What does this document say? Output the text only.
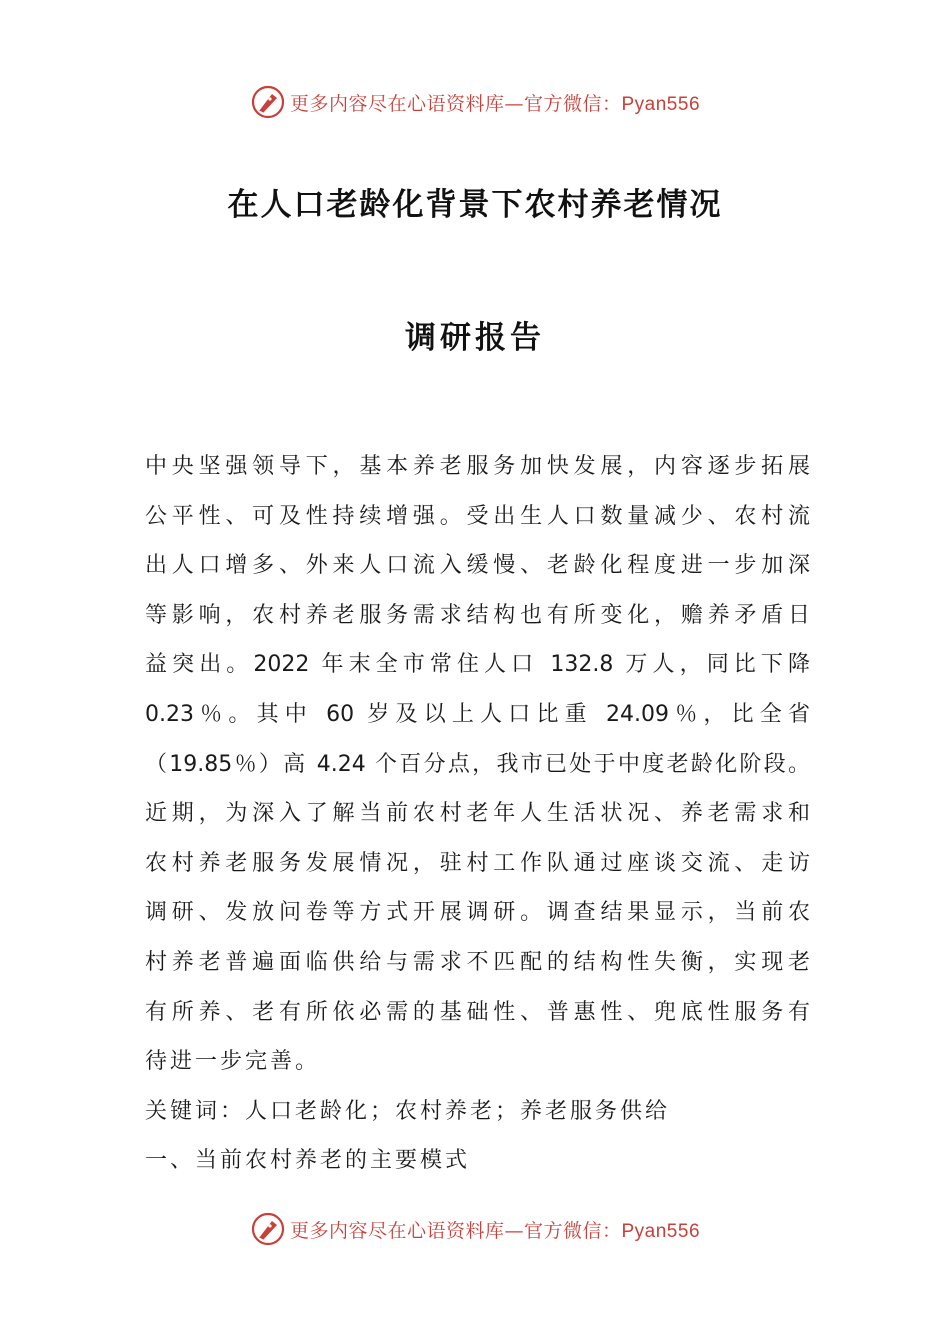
更多内容尽在心语资料库—官方微信：Pyan556
在人口老龄化背景下农村养老情况
调研报告
中央坚强领导下，基本养老服务加快发展，内容逐步拓展
公平性、可及性持续增强。受出生人口数量减少、农村流
出人口增多、外来人口流入缓慢、老龄化程度进一步加深
等影响，农村养老服务需求结构也有所变化，赡养矛盾日
益突出。2022 年末全市常住人口 132.8 万人，同比下降
0.23％。其中 60 岁及以上人口比重 24.09％，比全省
（19.85％）高 4.24 个百分点，我市已处于中度老龄化阶段。
近期，为深入了解当前农村老年人生活状况、养老需求和
农村养老服务发展情况，驻村工作队通过座谈交流、走访
调研、发放问卷等方式开展调研。调查结果显示，当前农
村养老普遍面临供给与需求不匹配的结构性失衡，实现老
有所养、老有所依必需的基础性、普惠性、兜底性服务有
待进一步完善。
关键词：人口老龄化；农村养老；养老服务供给
一、当前农村养老的主要模式
更多内容尽在心语资料库—官方微信：Pyan556
